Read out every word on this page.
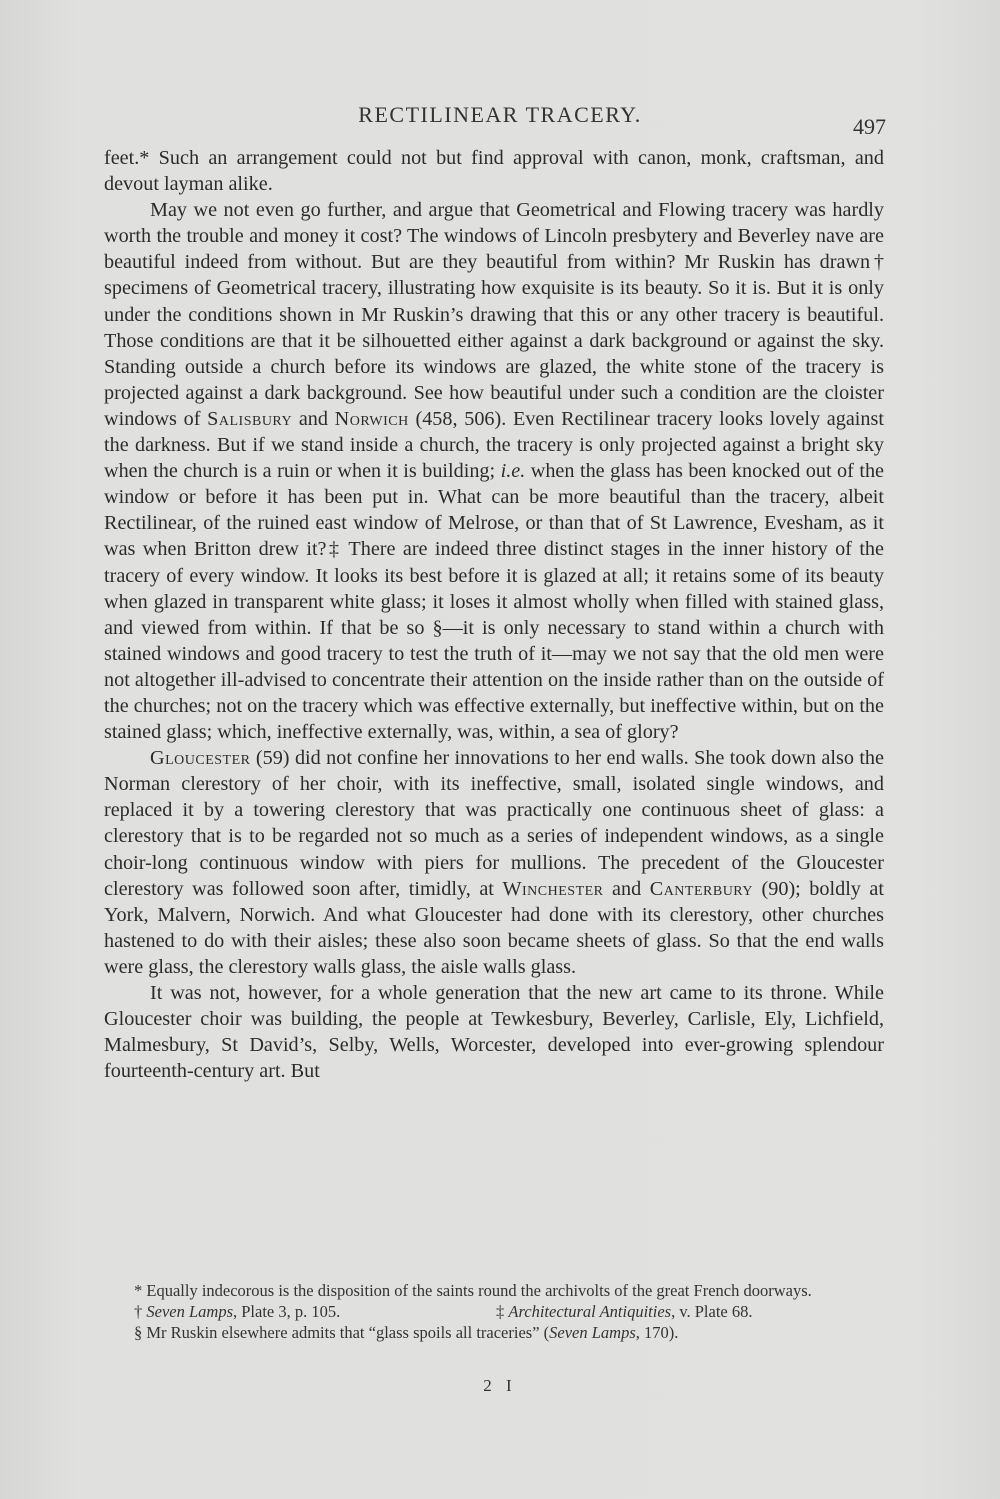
RECTILINEAR TRACERY.	497

feet.* Such an arrangement could not but find approval with canon, monk, craftsman, and devout layman alike.

May we not even go further, and argue that Geometrical and Flowing tracery was hardly worth the trouble and money it cost? The windows of Lincoln presbytery and Beverley nave are beautiful indeed from without. But are they beautiful from within? Mr Ruskin has drawn† specimens of Geometrical tracery, illustrating how exquisite is its beauty. So it is. But it is only under the conditions shown in Mr Ruskin’s drawing that this or any other tracery is beautiful. Those conditions are that it be silhouetted either against a dark background or against the sky. Standing outside a church before its windows are glazed, the white stone of the tracery is projected against a dark background. See how beautiful under such a condition are the cloister windows of Salisbury and Norwich (458, 506). Even Rectilinear tracery looks lovely against the darkness. But if we stand inside a church, the tracery is only projected against a bright sky when the church is a ruin or when it is building; i.e. when the glass has been knocked out of the window or before it has been put in. What can be more beautiful than the tracery, albeit Rectilinear, of the ruined east window of Melrose, or than that of St Lawrence, Evesham, as it was when Britton drew it?‡ There are indeed three distinct stages in the inner history of the tracery of every window. It looks its best before it is glazed at all; it retains some of its beauty when glazed in transparent white glass; it loses it almost wholly when filled with stained glass, and viewed from within. If that be so §—it is only necessary to stand within a church with stained windows and good tracery to test the truth of it—may we not say that the old men were not altogether ill-advised to concentrate their attention on the inside rather than on the outside of the churches; not on the tracery which was effective externally, but ineffective within, but on the stained glass; which, ineffective externally, was, within, a sea of glory?

Gloucester (59) did not confine her innovations to her end walls. She took down also the Norman clerestory of her choir, with its ineffective, small, isolated single windows, and replaced it by a towering clerestory that was practically one continuous sheet of glass: a clerestory that is to be regarded not so much as a series of independent windows, as a single choir-long continuous window with piers for mullions. The precedent of the Gloucester clerestory was followed soon after, timidly, at Winchester and Canterbury (90); boldly at York, Malvern, Norwich. And what Gloucester had done with its clerestory, other churches hastened to do with their aisles; these also soon became sheets of glass. So that the end walls were glass, the clerestory walls glass, the aisle walls glass.

It was not, however, for a whole generation that the new art came to its throne. While Gloucester choir was building, the people at Tewkesbury, Beverley, Carlisle, Ely, Lichfield, Malmesbury, St David’s, Selby, Wells, Worcester, developed into ever-growing splendour fourteenth-century art. But

* Equally indecorous is the disposition of the saints round the archivolts of the great French doorways.

† Seven Lamps, Plate 3, p. 105.	‡ Architectural Antiquities, v. Plate 68.

§ Mr Ruskin elsewhere admits that “glass spoils all traceries” (Seven Lamps, 170).

2 I
